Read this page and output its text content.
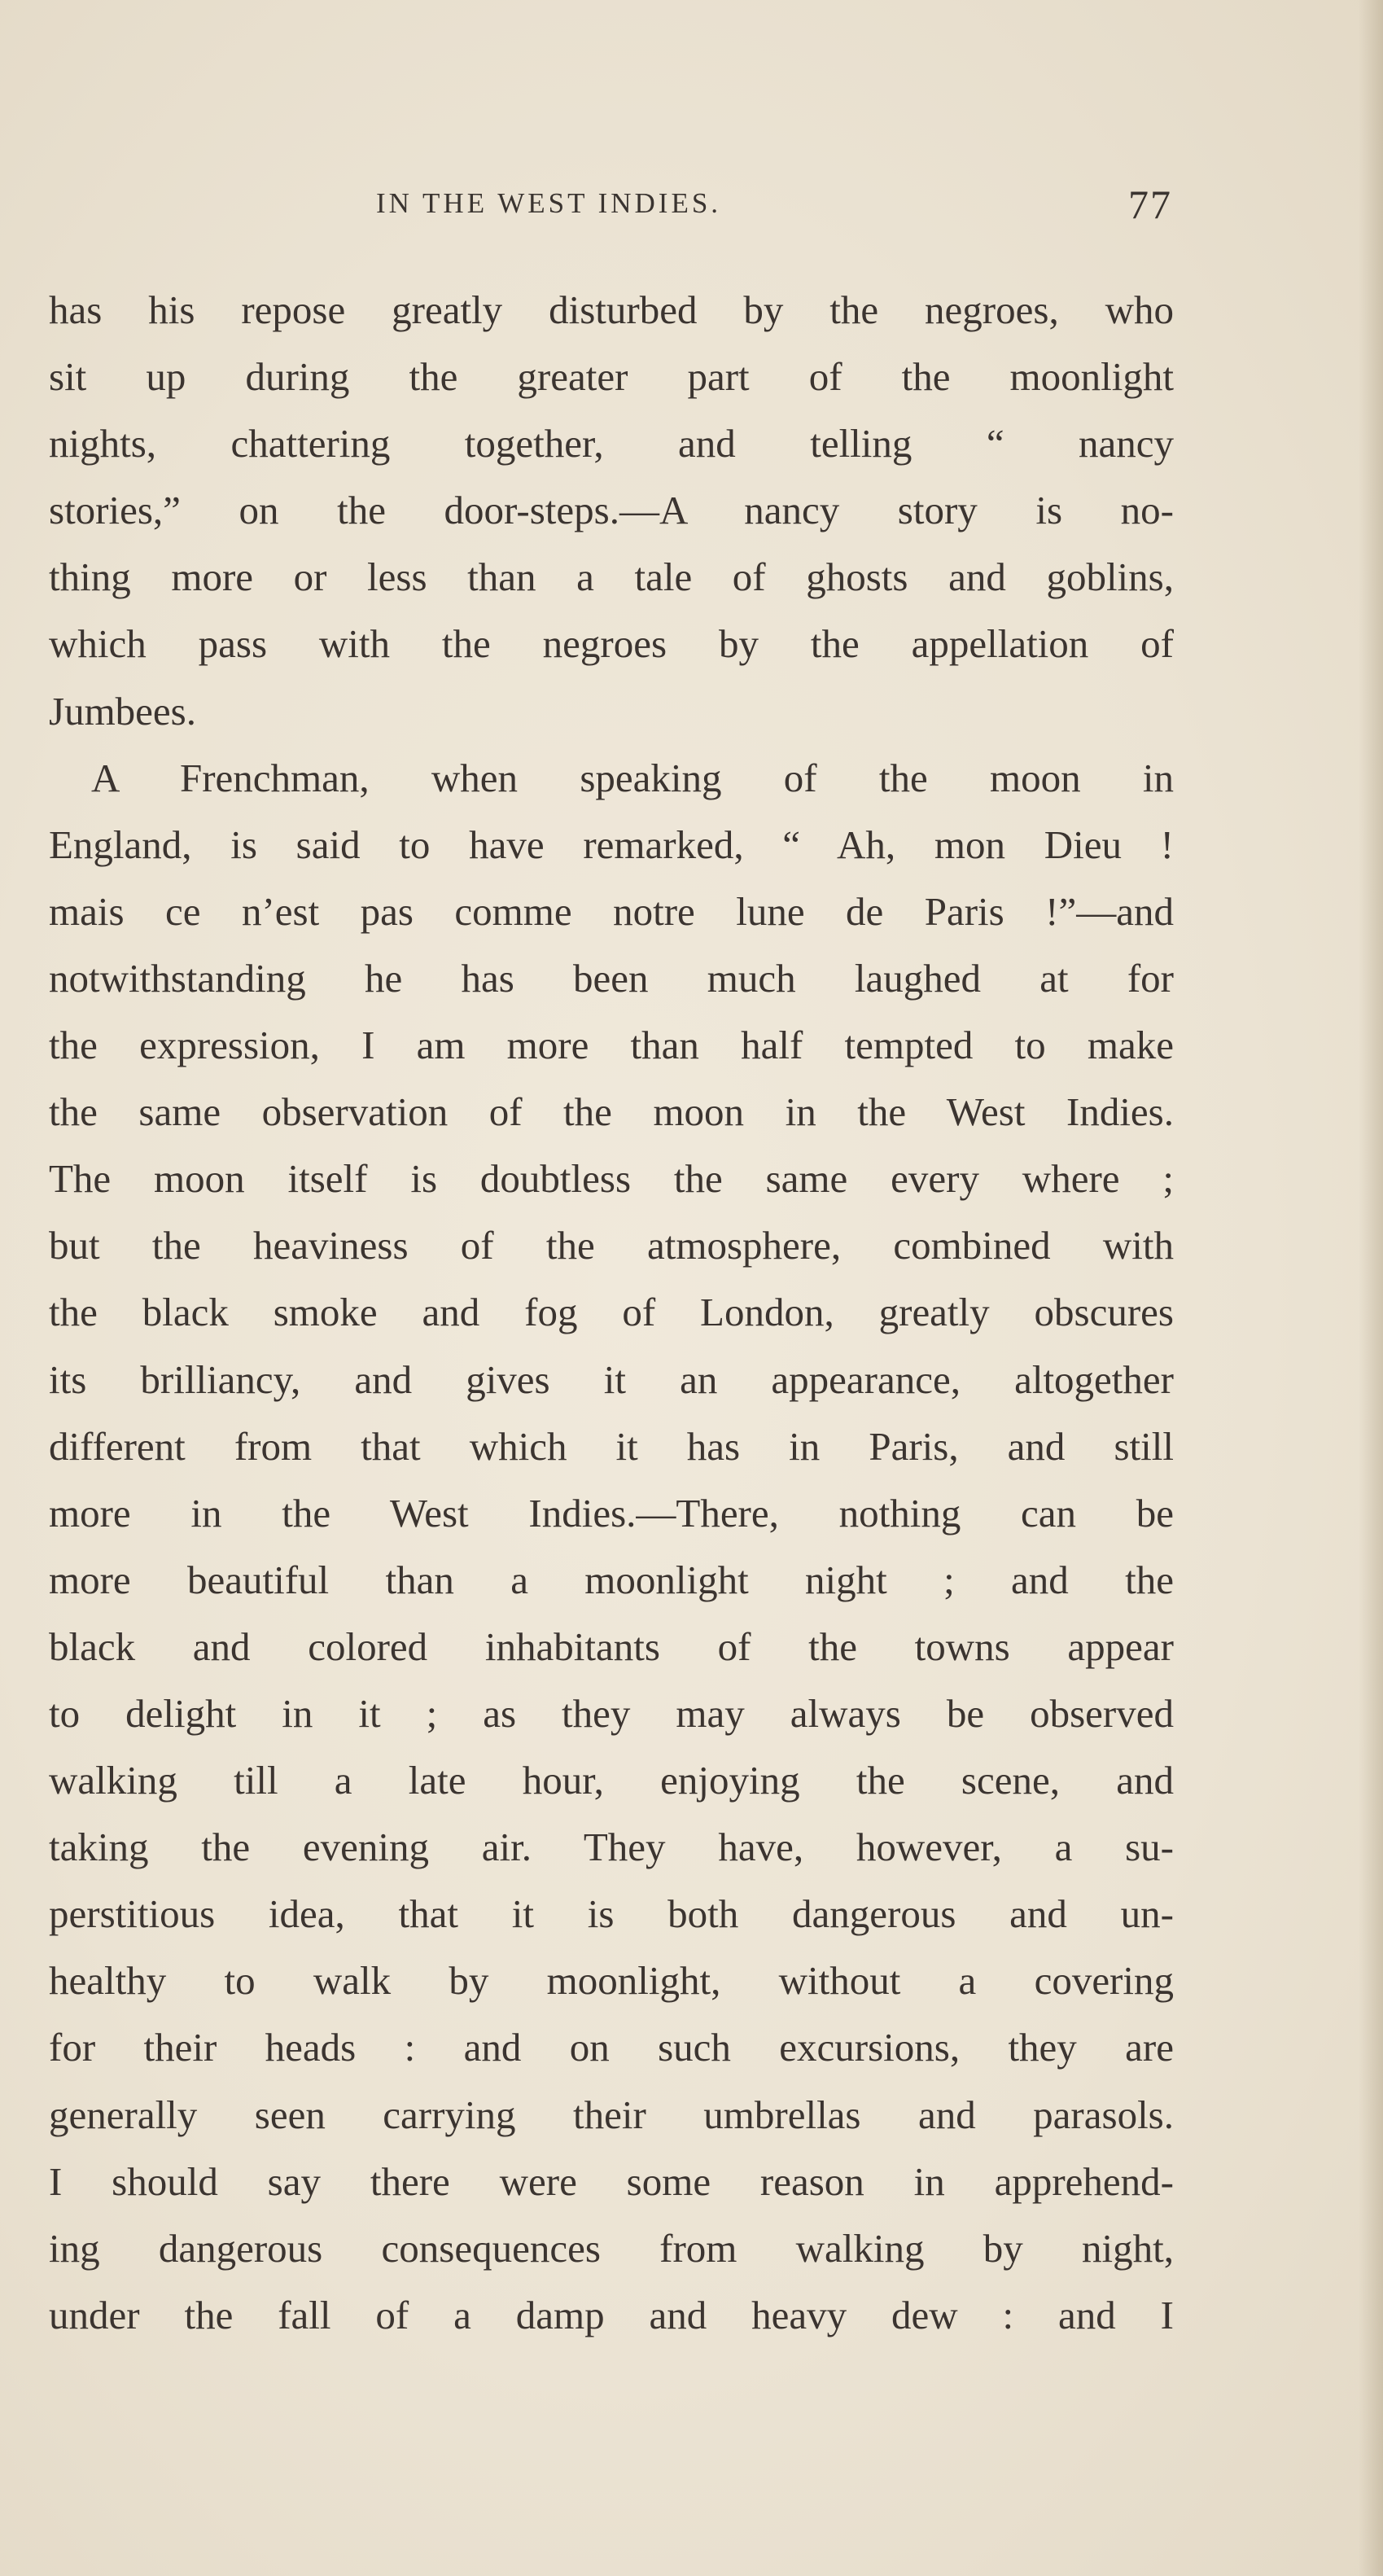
IN THE WEST INDIES.	77
has his repose greatly disturbed by the negroes, who
sit up during the greater part of the moonlight
nights, chattering together, and telling “ nancy
stories,” on the door-steps.—A nancy story is no-
thing more or less than a tale of ghosts and goblins,
which pass with the negroes by the appellation of
Jumbees.
A Frenchman, when speaking of the moon in
England, is said to have remarked, “ Ah, mon Dieu !
mais ce n’est pas comme notre lune de Paris !”—and
notwithstanding he has been much laughed at for
the expression, I am more than half tempted to make
the same observation of the moon in the West Indies.
The moon itself is doubtless the same every where ;
but the heaviness of the atmosphere, combined with
the black smoke and fog of London, greatly obscures
its brilliancy, and gives it an appearance, altogether
different from that which it has in Paris, and still
more in the West Indies.—There, nothing can be
more beautiful than a moonlight night ; and the
black and colored inhabitants of the towns appear
to delight in it ; as they may always be observed
walking till a late hour, enjoying the scene, and
taking the evening air. They have, however, a su-
perstitious idea, that it is both dangerous and un-
healthy to walk by moonlight, without a covering
for their heads : and on such excursions, they are
generally seen carrying their umbrellas and parasols.
I should say there were some reason in apprehend-
ing dangerous consequences from walking by night,
under the fall of a damp and heavy dew : and I
